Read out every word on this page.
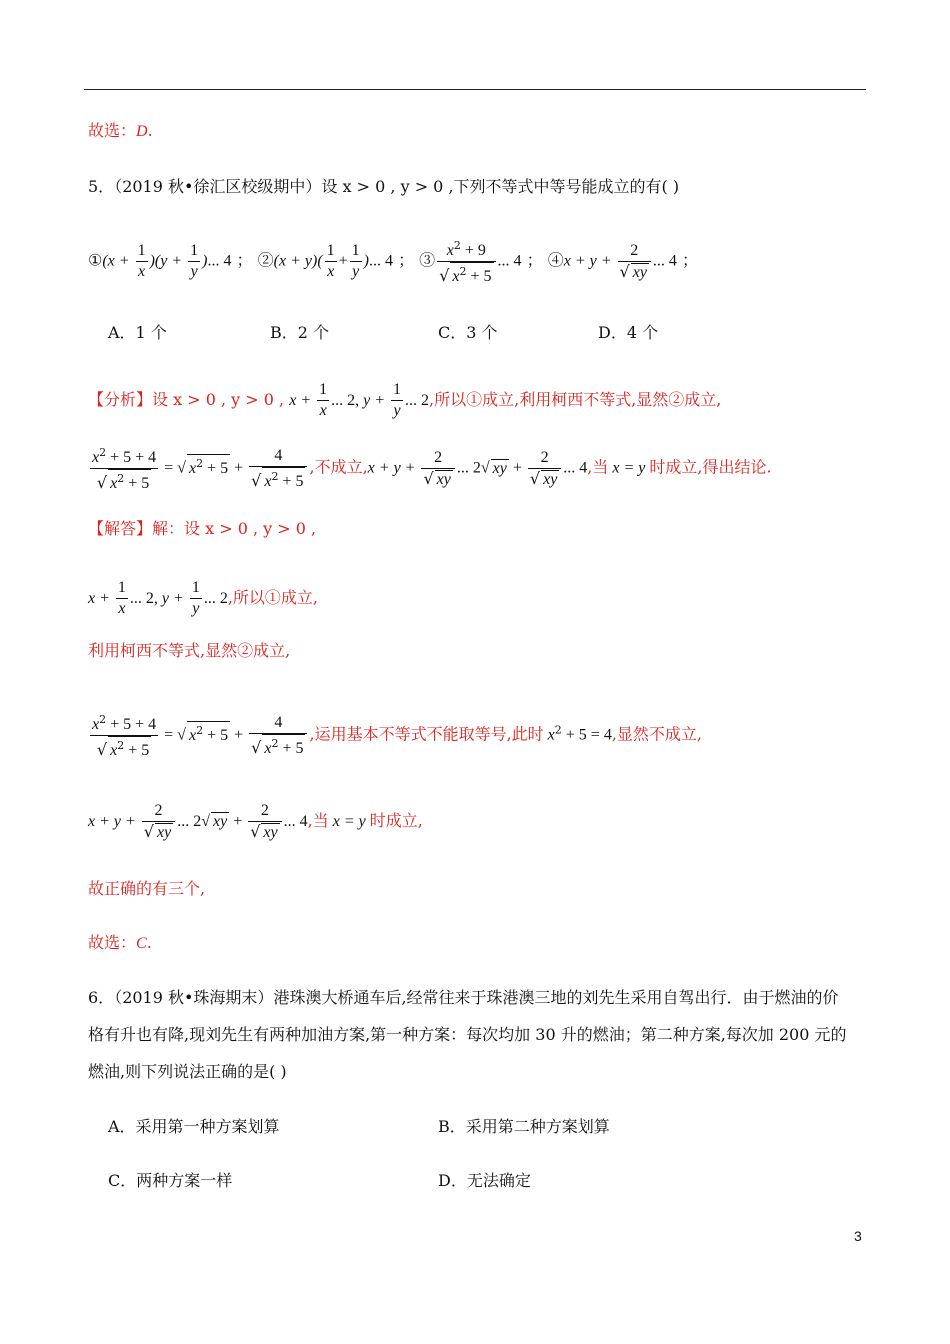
故选：D.
5．（2019 秋•徐汇区校级期中）设 x > 0 , y > 0 ,下列不等式中等号能成立的有( )
①(x + $\frac{1}{x} )(y + \frac{1}{y}$ )... 4 ； ②(x + $y)( \frac{1}{x} + \frac{1}{y}$ )... 4 ； ③ $\frac{x^2 + 9}{√ x^2 + 5}$ ... 4 ； ④x + $y + \frac{2}{√ xy}$ ... 4 ；
A．1 个	B．2 个	C．3 个	D．4 个
【分析】设 x > 0 , y > 0 , $x + \frac{1}{x}$ ... 2, $y + \frac{1}{y}$ ... 2,所以①成立,利用柯西不等式,显然②成立,
$\frac{x^2 + 5 + 4}{√ x^2 + 5}$ = √ $x^2 + 5 + \frac{4}{√ x^2 + 5}$ ,不成立$,x + y + \frac{2}{√ xy}$ ... 2√ xy + $\frac{2}{√ xy}$ ... 4,当 x = y 时成立,得出结论.
【解答】解：设 x > 0 , y > 0 ,
$x + \frac{1}{x}$ ... 2, $y + \frac{1}{y}$ ... 2,所以①成立,
利用柯西不等式,显然②成立,
$\frac{x^2 + 5 + 4}{√ x^2 + 5}$ = √ $x^2 + 5 + \frac{4}{√ x^2 + 5}$ ,运用基本不等式不能取等号,此时 $x^2 + 5 = 4$,显然不成立,
$x + y + \frac{2}{√ xy}$ ... 2√ xy + $\frac{2}{√ xy}$ ... 4,当 x = y 时成立,
故正确的有三个,
故选：C.
6．（2019 秋•珠海期末）港珠澳大桥通车后,经常往来于珠港澳三地的刘先生采用自驾出行．由于燃油的价
格有升也有降,现刘先生有两种加油方案,第一种方案：每次均加 30 升的燃油；第二种方案,每次加 200 元的
燃油,则下列说法正确的是( )
A．采用第一种方案划算	B．采用第二种方案划算
C．两种方案一样	D．无法确定
3
